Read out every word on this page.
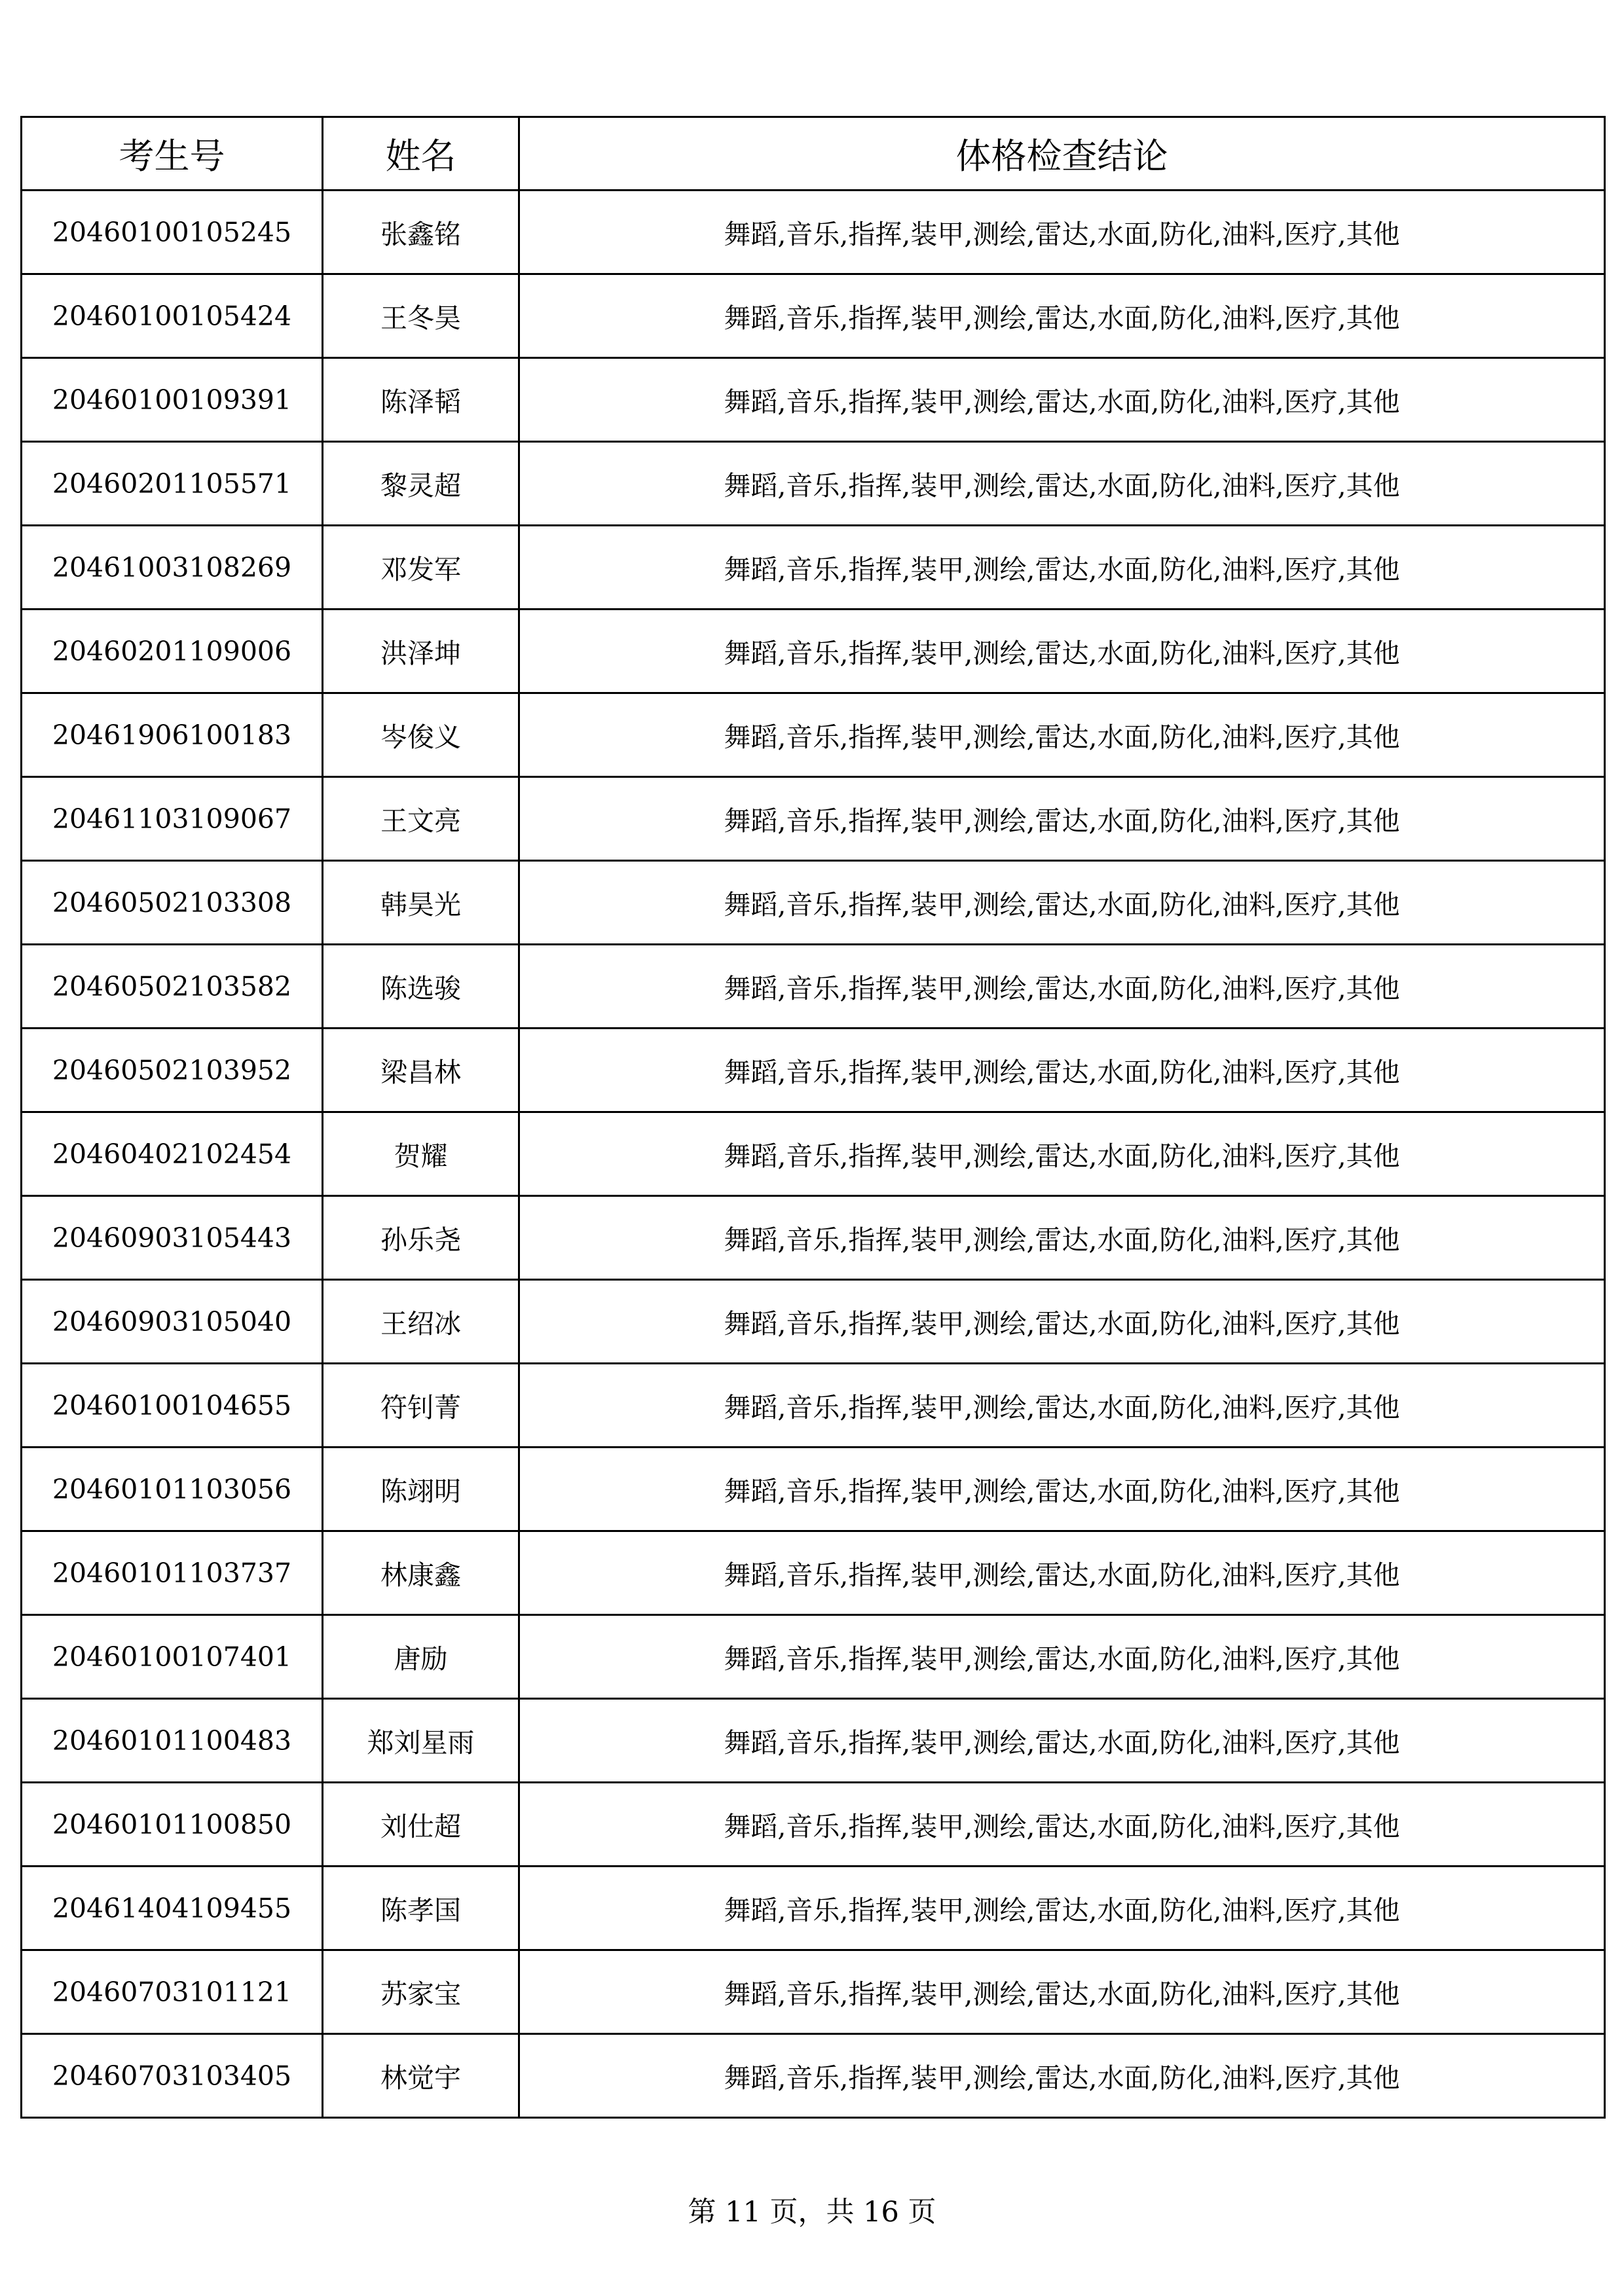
考生号	姓名	体格检查结论
20460100105245	张鑫铭	舞蹈,音乐,指挥,装甲,测绘,雷达,水面,防化,油料,医疗,其他
20460100105424	王冬昊	舞蹈,音乐,指挥,装甲,测绘,雷达,水面,防化,油料,医疗,其他
20460100109391	陈泽韬	舞蹈,音乐,指挥,装甲,测绘,雷达,水面,防化,油料,医疗,其他
20460201105571	黎灵超	舞蹈,音乐,指挥,装甲,测绘,雷达,水面,防化,油料,医疗,其他
20461003108269	邓发军	舞蹈,音乐,指挥,装甲,测绘,雷达,水面,防化,油料,医疗,其他
20460201109006	洪泽坤	舞蹈,音乐,指挥,装甲,测绘,雷达,水面,防化,油料,医疗,其他
20461906100183	岑俊义	舞蹈,音乐,指挥,装甲,测绘,雷达,水面,防化,油料,医疗,其他
20461103109067	王文亮	舞蹈,音乐,指挥,装甲,测绘,雷达,水面,防化,油料,医疗,其他
20460502103308	韩昊光	舞蹈,音乐,指挥,装甲,测绘,雷达,水面,防化,油料,医疗,其他
20460502103582	陈选骏	舞蹈,音乐,指挥,装甲,测绘,雷达,水面,防化,油料,医疗,其他
20460502103952	梁昌林	舞蹈,音乐,指挥,装甲,测绘,雷达,水面,防化,油料,医疗,其他
20460402102454	贺耀	舞蹈,音乐,指挥,装甲,测绘,雷达,水面,防化,油料,医疗,其他
20460903105443	孙乐尧	舞蹈,音乐,指挥,装甲,测绘,雷达,水面,防化,油料,医疗,其他
20460903105040	王绍冰	舞蹈,音乐,指挥,装甲,测绘,雷达,水面,防化,油料,医疗,其他
20460100104655	符钊菁	舞蹈,音乐,指挥,装甲,测绘,雷达,水面,防化,油料,医疗,其他
20460101103056	陈翊明	舞蹈,音乐,指挥,装甲,测绘,雷达,水面,防化,油料,医疗,其他
20460101103737	林康鑫	舞蹈,音乐,指挥,装甲,测绘,雷达,水面,防化,油料,医疗,其他
20460100107401	唐励	舞蹈,音乐,指挥,装甲,测绘,雷达,水面,防化,油料,医疗,其他
20460101100483	郑刘星雨	舞蹈,音乐,指挥,装甲,测绘,雷达,水面,防化,油料,医疗,其他
20460101100850	刘仕超	舞蹈,音乐,指挥,装甲,测绘,雷达,水面,防化,油料,医疗,其他
20461404109455	陈孝国	舞蹈,音乐,指挥,装甲,测绘,雷达,水面,防化,油料,医疗,其他
20460703101121	苏家宝	舞蹈,音乐,指挥,装甲,测绘,雷达,水面,防化,油料,医疗,其他
20460703103405	林觉宇	舞蹈,音乐,指挥,装甲,测绘,雷达,水面,防化,油料,医疗,其他
第 11 页，共 16 页
